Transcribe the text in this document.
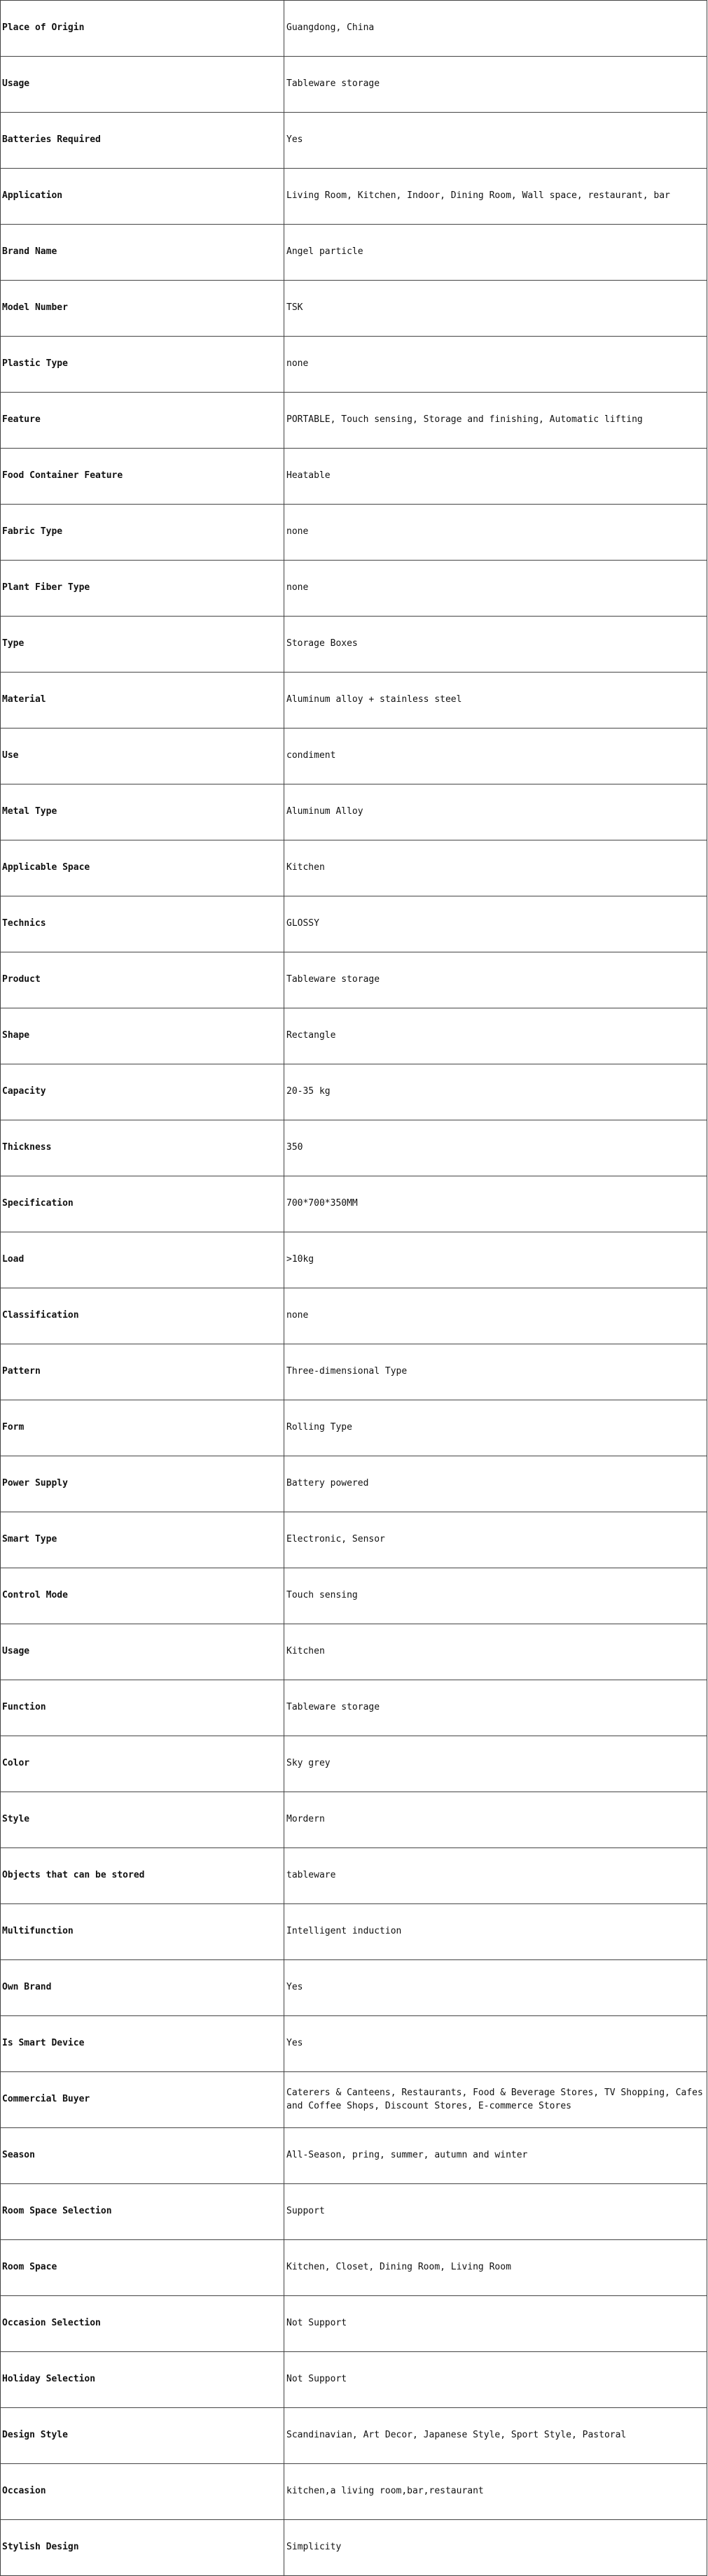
Place of Origin	Guangdong, China
Usage	Tableware storage
Batteries Required	Yes
Application	Living Room, Kitchen, Indoor, Dining Room, Wall space, restaurant, bar
Brand Name	Angel particle
Model Number	TSK
Plastic Type	none
Feature	PORTABLE, Touch sensing, Storage and finishing, Automatic lifting
Food Container Feature	Heatable
Fabric Type	none
Plant Fiber Type	none
Type	Storage Boxes
Material	Aluminum alloy + stainless steel
Use	condiment
Metal Type	Aluminum Alloy
Applicable Space	Kitchen
Technics	GLOSSY
Product	Tableware storage
Shape	Rectangle
Capacity	20-35 kg
Thickness	350
Specification	700*700*350MM
Load	>10kg
Classification	none
Pattern	Three-dimensional Type
Form	Rolling Type
Power Supply	Battery powered
Smart Type	Electronic, Sensor
Control Mode	Touch sensing
Usage	Kitchen
Function	Tableware storage
Color	Sky grey
Style	Mordern
Objects that can be stored	tableware
Multifunction	Intelligent induction
Own Brand	Yes
Is Smart Device	Yes
Commercial Buyer	Caterers & Canteens, Restaurants, Food & Beverage Stores, TV Shopping, Cafes and Coffee Shops, Discount Stores, E-commerce Stores
Season	All-Season, pring, summer, autumn and winter
Room Space Selection	Support
Room Space	Kitchen, Closet, Dining Room, Living Room
Occasion Selection	Not Support
Holiday Selection	Not Support
Design Style	Scandinavian, Art Decor, Japanese Style, Sport Style, Pastoral
Occasion	kitchen,a living room,bar,restaurant
Stylish Design	Simplicity
